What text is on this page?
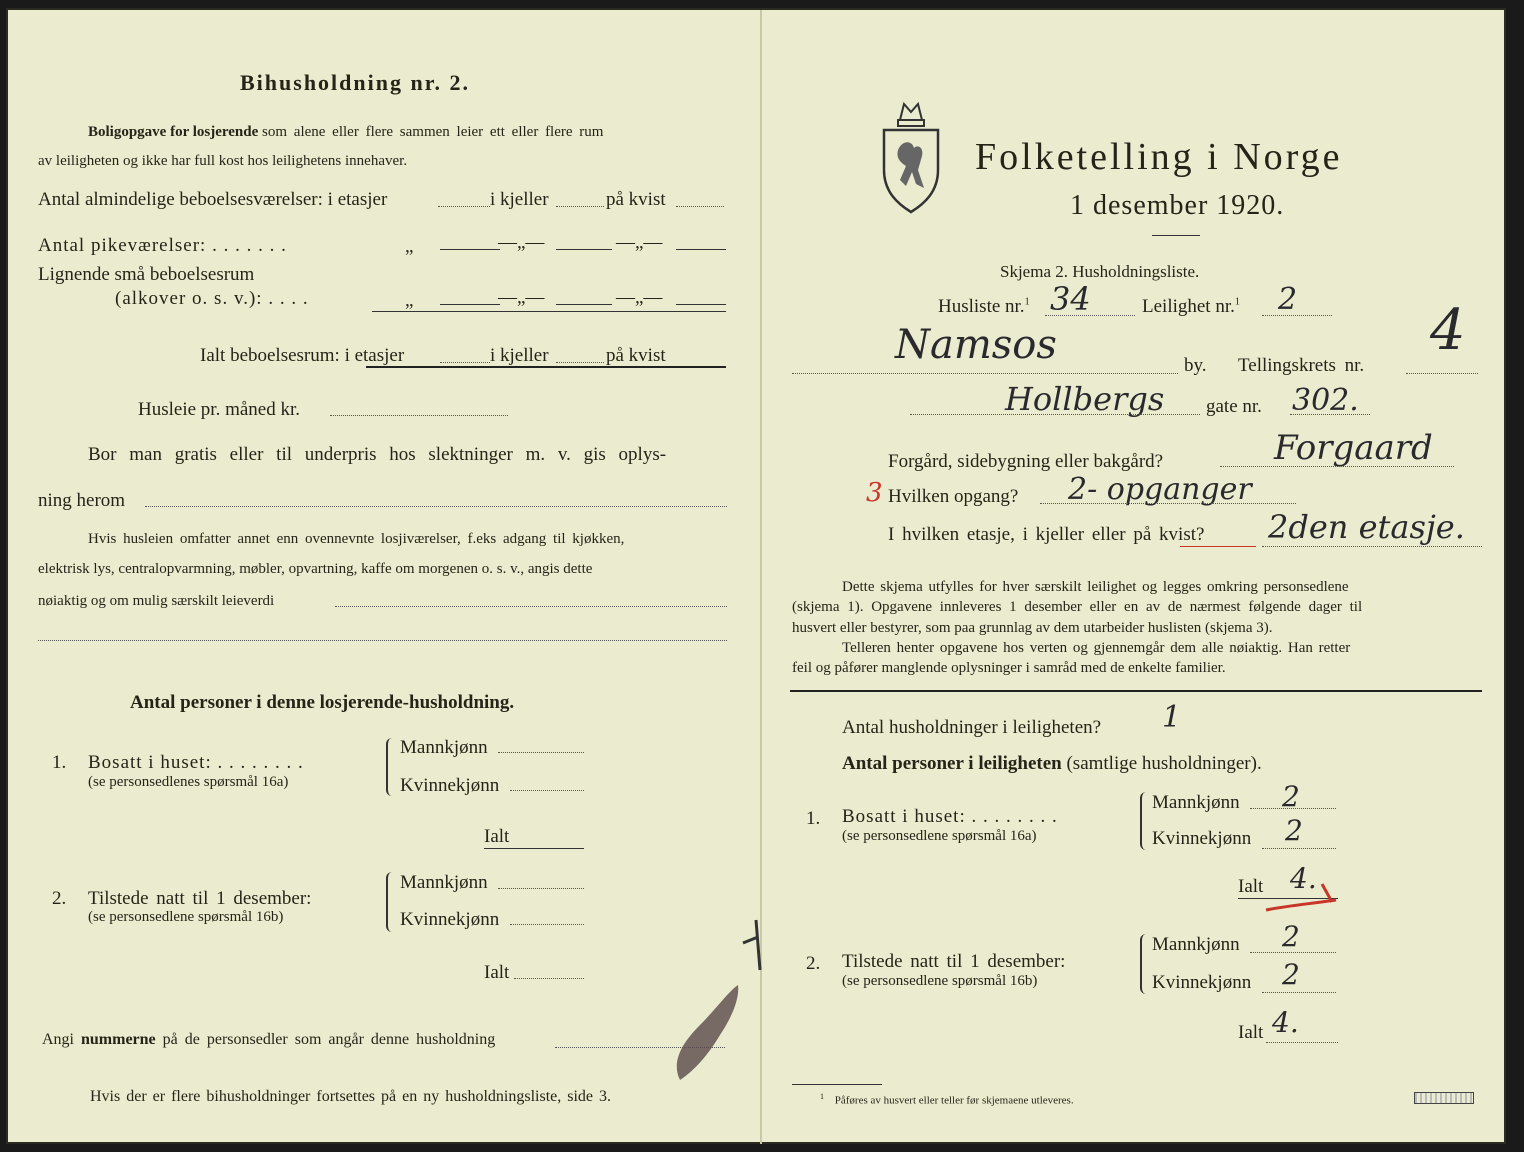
Bihusholdning nr. 2.
Boligopgave for losjerende som alene eller flere sammen leier ett eller flere rum
av leiligheten og ikke har full kost hos leilighetens innehaver.
Antal almindelige beboelsesværelser: i etasjer	i kjeller	på kvist
Antal pikeværelser: . . . . . . .	„	—„—	—„—
Lignende små beboelsesrum
(alkover o. s. v.): . . . .	„	—„—	—„—
Ialt beboelsesrum: i etasjer	i kjeller	på kvist
Husleie pr. måned kr.
Bor man gratis eller til underpris hos slektninger m. v. gis oplys-
ning herom
Hvis husleien omfatter annet enn ovennevnte losjiværelser, f.eks adgang til kjøkken,
elektrisk lys, centralopvarmning, møbler, opvartning, kaffe om morgenen o. s. v., angis dette
nøiaktig og om mulig særskilt leieverdi
Antal personer i denne losjerende-husholdning.
1. Bosatt i huset: . . . . . . . .
(se personsedlenes spørsmål 16a)
Mannkjønn
Kvinnekjønn
Ialt
2. Tilstede natt til 1 desember:
(se personsedlene spørsmål 16b)
Mannkjønn
Kvinnekjønn
Ialt
Angi nummerne på de personsedler som angår denne husholdning
Hvis der er flere bihusholdninger fortsettes på en ny husholdningsliste, side 3.
Folketelling i Norge
1 desember 1920.
Skjema 2. Husholdningsliste.
Husliste nr.$^1$ 34	Leilighet nr.$^1$ 2
Namsos	by. Tellingskrets nr.
4
Hollbergs gate nr. 302.
Forgård, sidebygning eller bakgård?	Forgaard
3 Hvilken opgang? 2- opganger
I hvilken etasje, i kjeller eller på kvist? 2den etasje.
Dette skjema utfylles for hver særskilt leilighet og legges omkring personsedlene
(skjema 1). Opgavene innleveres 1 desember eller en av de nærmest følgende dager til
husvert eller bestyrer, som paa grunnlag av dem utarbeider huslisten (skjema 3).
Telleren henter opgavene hos verten og gjennemgår dem alle nøiaktig. Han retter
feil og påfører manglende oplysninger i samråd med de enkelte familier.
Antal husholdninger i leiligheten? 1
Antal personer i leiligheten (samtlige husholdninger).
1. Bosatt i huset: . . . . . . . .
(se personsedlene spørsmål 16a)
Mannkjønn 2
Kvinnekjønn 2
Ialt 4.
2. Tilstede natt til 1 desember:
(se personsedlene spørsmål 16b)
Mannkjønn 2
Kvinnekjønn 2
Ialt 4.
$^1$ Påføres av husvert eller teller før skjemaene utleveres.
